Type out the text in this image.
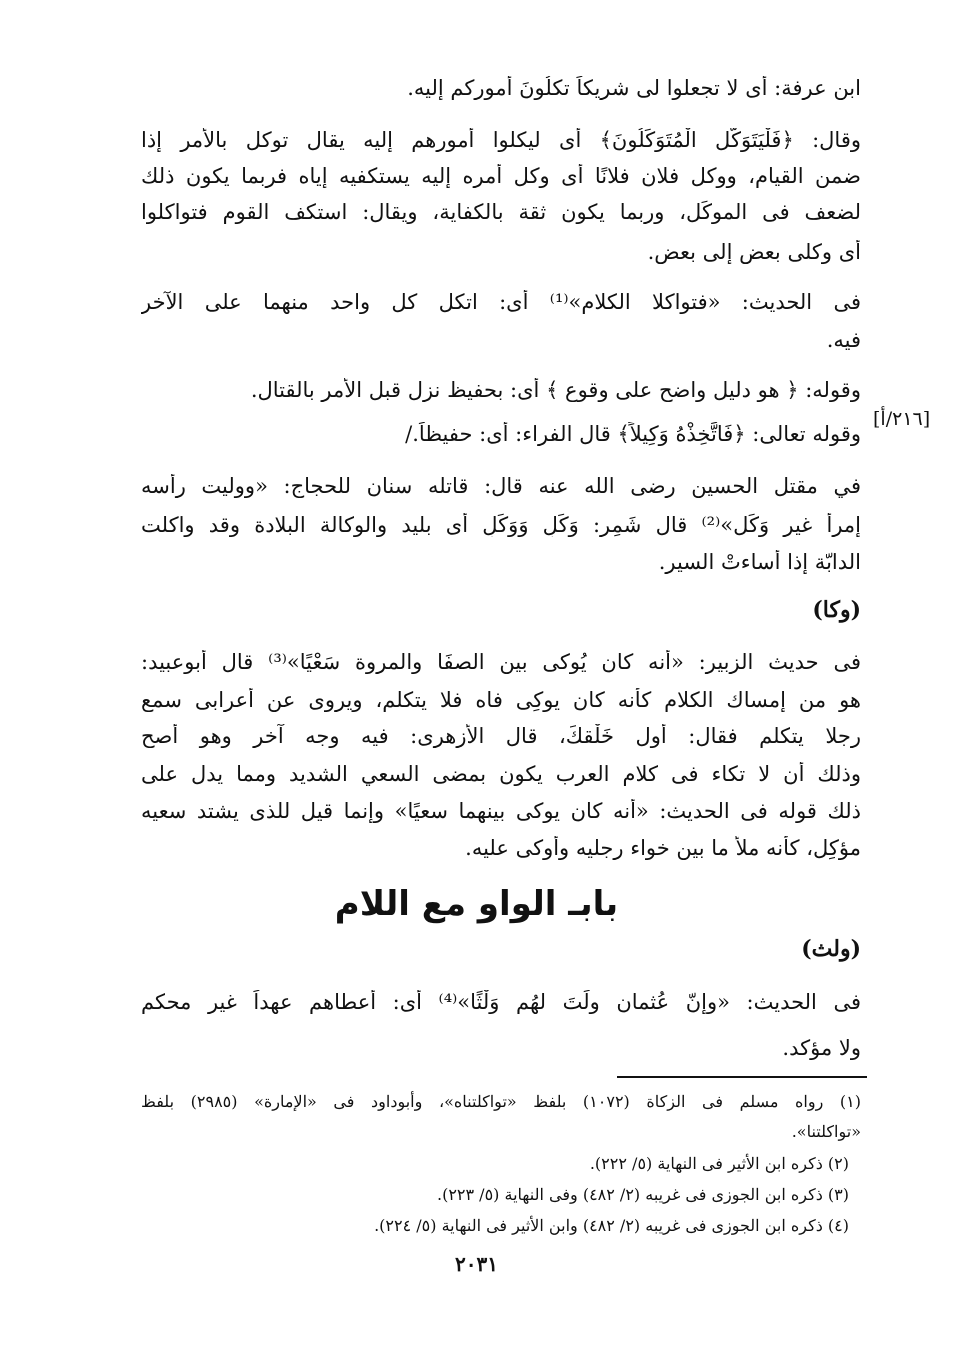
[٢١٦/أ]
ابن عرفة: أى لا تجعلوا لى شريكاً تكلُونَ أُموركم إليه.
وقال: ﴿فَلْيَتَوَكَّلِ الْمُتَوَكِّلُونَ﴾ أى ليكلوا أمورهم إليه يقال توكل بالأمر إذا
ضمن القيام، ووكل فلان فلانًا أى وكل أمره إليه يستكفيه إياه فربما يكون ذلك
لضعف فى الموكِّل، وربما يكون ثقة بالكفاية، ويقال: استكف القوم فتواكلوا
أى وكلى بعض إلى بعض.
فى الحديث: «فتواكلا الكلام»⁽¹⁾ أى: اتكل كل واحد منهما على الآخر
فيه.
وقوله: ﴿ هو دليل واضح على وقوع ﴾ أى: بحفيظ نزل قبل الأمر بالقتال.
وقوله تعالى: ﴿فَاتَّخِذْهُ وَكِيلاً﴾ قال الفراء: أى: حفيظاً./
في مقتل الحسين رضى الله عنه قال: قاتله سنان للحجاج: «ووليت رأسه
إمرأً غير وَكَل»⁽²⁾ قال شَمِر: وَكَلٍ وَوَكَلٍ أى بليد والوكالة البلادة وقد واكلت
الدابّة إذا أساءتْ السير.
(وكا)
فى حديث الزبير: «أنه كان يُوكى بين الصفَا والمروة سَعْيًا»⁽³⁾ قال أبوعبيد:
هو من إمساك الكلام كأنه كان يوكِى فاه فلا يتكلم، ويروى عن أعرابى سمع
رجلا يتكلم فقال: أول خَلْقكَ، قال الأزهرى: فيه وجه آخر وهو أصح
وذلك أن لا تكاء فى كلام العرب يكون بمضى السعي الشديد ومما يدل على
ذلك قوله فى الحديث: «أنه كان يوكى بينهما سعيًا» وإنما قيل للذى يشتد سعيه
مؤكِل، كأنه ملأ ما بين خواء رجليه وأوكى عليه.
بابـ الواو مع اللام
(ولث)
فى الحديث: «وإنّ عُثمان ولَتَ لهُم وَلْثًا»⁽⁴⁾ أى: أعطاهم عهداً غير محكم
ولا مؤكد.
(١) رواه مسلم فى الزكاة (١٠٧٢) بلفظ «تواكلتناه»، وأبوداود فى «الإمارة» (٢٩٨٥) بلفظ
«تواكلتنا».
(٢) ذكره ابن الأثير فى النهاية (٥/ ٢٢٢).
(٣) ذكره ابن الجوزى فى غريبه (٢/ ٤٨٢) وفى النهاية (٥/ ٢٢٣).
(٤) ذكره ابن الجوزى فى غريبه (٢/ ٤٨٢) وابن الأثير فى النهاية (٥/ ٢٢٤).
٢٠٣١
